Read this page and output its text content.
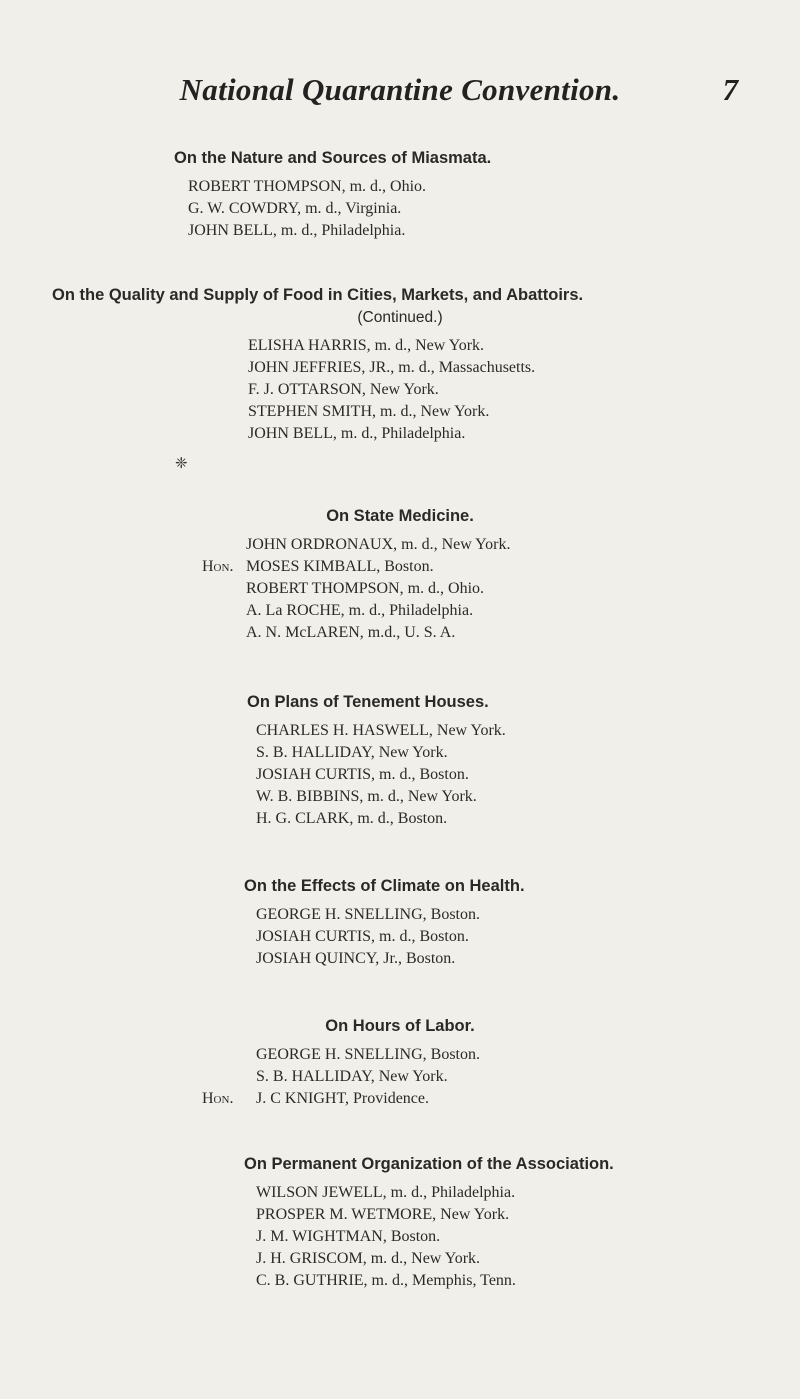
National Quarantine Convention.	7
❈
On the Nature and Sources of Miasmata.
ROBERT THOMPSON, m. d., Ohio.
G. W. COWDRY, m. d., Virginia.
JOHN BELL, m. d., Philadelphia.
On the Quality and Supply of Food in Cities, Markets, and Abattoirs.
(Continued.)
ELISHA HARRIS, m. d., New York.
JOHN JEFFRIES, JR., m. d., Massachusetts.
F. J. OTTARSON, New York.
STEPHEN SMITH, m. d., New York.
JOHN BELL, m. d., Philadelphia.
On State Medicine.
JOHN ORDRONAUX, m. d., New York.
Hon. MOSES KIMBALL, Boston.
ROBERT THOMPSON, m. d., Ohio.
A. La ROCHE, m. d., Philadelphia.
A. N. McLAREN, m.d., U. S. A.
On Plans of Tenement Houses.
CHARLES H. HASWELL, New York.
S. B. HALLIDAY, New York.
JOSIAH CURTIS, m. d., Boston.
W. B. BIBBINS, m. d., New York.
H. G. CLARK, m. d., Boston.
On the Effects of Climate on Health.
GEORGE H. SNELLING, Boston.
JOSIAH CURTIS, m. d., Boston.
JOSIAH QUINCY, Jr., Boston.
On Hours of Labor.
GEORGE H. SNELLING, Boston.
S. B. HALLIDAY, New York.
Hon. J. C KNIGHT, Providence.
On Permanent Organization of the Association.
WILSON JEWELL, m. d., Philadelphia.
PROSPER M. WETMORE, New York.
J. M. WIGHTMAN, Boston.
J. H. GRISCOM, m. d., New York.
C. B. GUTHRIE, m. d., Memphis, Tenn.
